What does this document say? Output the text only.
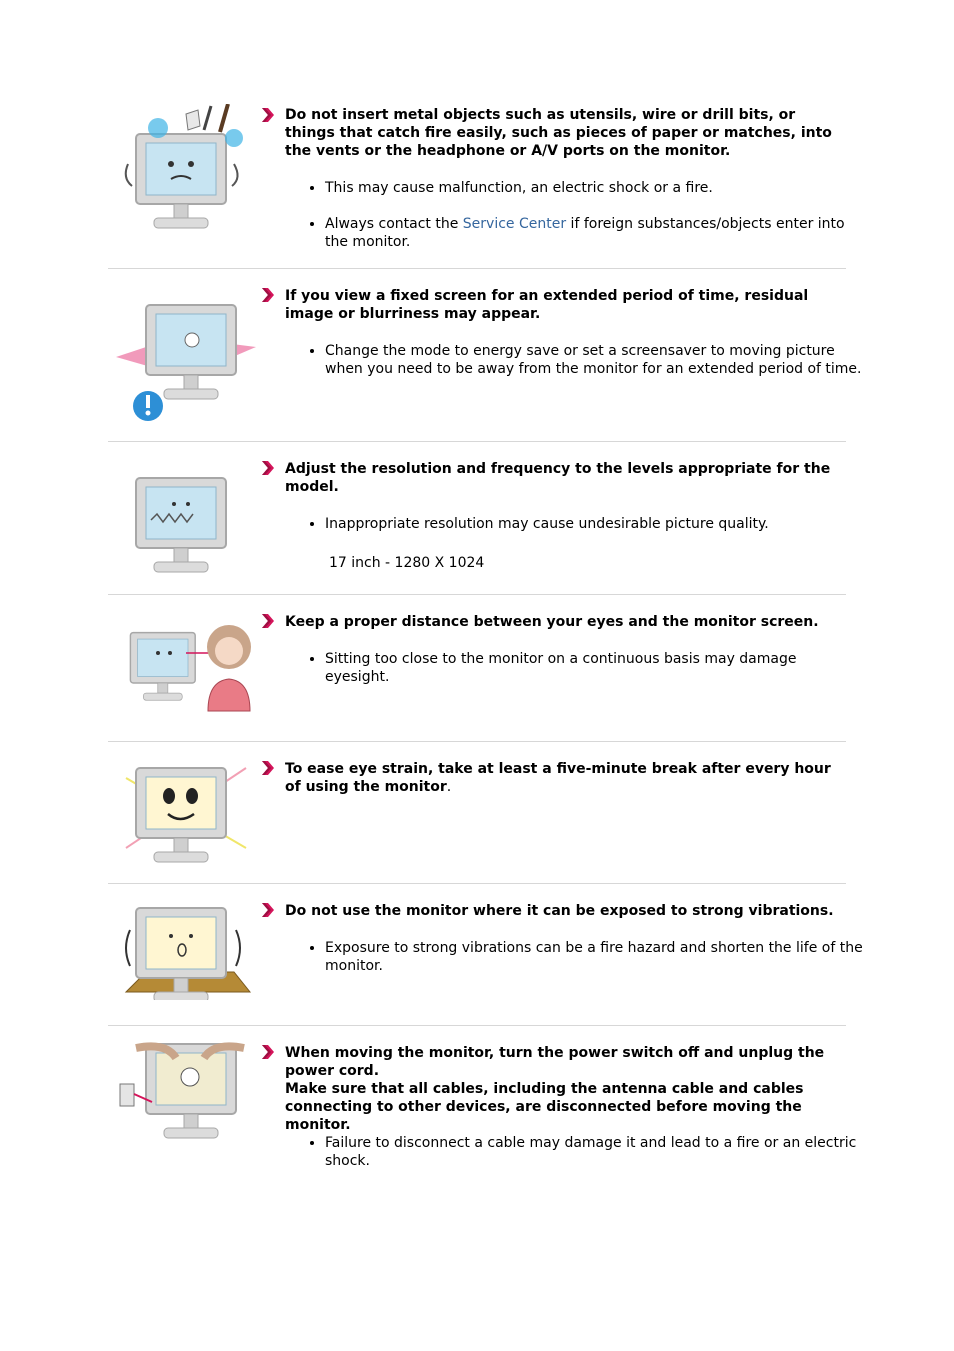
Do not insert metal objects such as utensils, wire or drill bits, or things that catch fire easily, such as pieces of paper or matches, into the vents or the headphone or A/V ports on the monitor.

• This may cause malfunction, an electric shock or a fire.
• Always contact the Service Center if foreign substances/objects enter into the monitor.

If you view a fixed screen for an extended period of time, residual image or blurriness may appear.

• Change the mode to energy save or set a screensaver to moving picture when you need to be away from the monitor for an extended period of time.

Adjust the resolution and frequency to the levels appropriate for the model.

• Inappropriate resolution may cause undesirable picture quality.
17 inch - 1280 X 1024

Keep a proper distance between your eyes and the monitor screen.

• Sitting too close to the monitor on a continuous basis may damage eyesight.

To ease eye strain, take at least a five-minute break after every hour of using the monitor.

Do not use the monitor where it can be exposed to strong vibrations.

• Exposure to strong vibrations can be a fire hazard and shorten the life of the monitor.

When moving the monitor, turn the power switch off and unplug the power cord.
Make sure that all cables, including the antenna cable and cables connecting to other devices, are disconnected before moving the monitor.

• Failure to disconnect a cable may damage it and lead to a fire or an electric shock.
